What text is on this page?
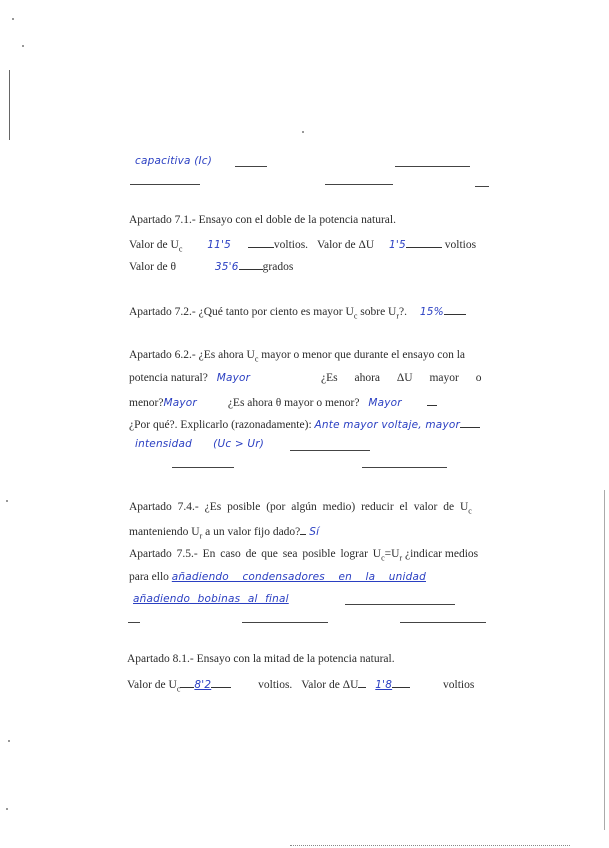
capacitiva (Ic)
Apartado 7.1.- Ensayo con el doble de la potencia natural.
Valor de $U_c$ 11'5	voltios. Valor de ΔU 1'5	voltios
Valor de θ	35'6 grados
Apartado 7.2.- ¿Qué tanto por ciento es mayor $U_c$ sobre $U_r$?. 15%
Apartado 6.2.- ¿Es ahora $U_c$ mayor o menor que durante el ensayo con la
potencia natural? Mayor	¿Es ahora ΔU mayor o
menor?Mayor	¿Es ahora θ mayor o menor? Mayor
¿Por qué?. Explicarlo (razonadamente): Ante mayor voltaje, mayor
intensidad      (Uc > Ur)
Apartado 7.4.- ¿Es posible (por algún medio) reducir el valor de $U_c$
manteniendo $U_r$ a un valor fijo dado? Sí
Apartado 7.5.- En caso de que sea posible lograr $U_c=U_r$ ¿indicar medios
para ello añadiendo condensadores en la unidad
añadiendo bobinas al final
Apartado 8.1.- Ensayo con la mitad de la potencia natural.
Valor de $U_c$ 8'2	voltios. Valor de ΔU 1'8	voltios
